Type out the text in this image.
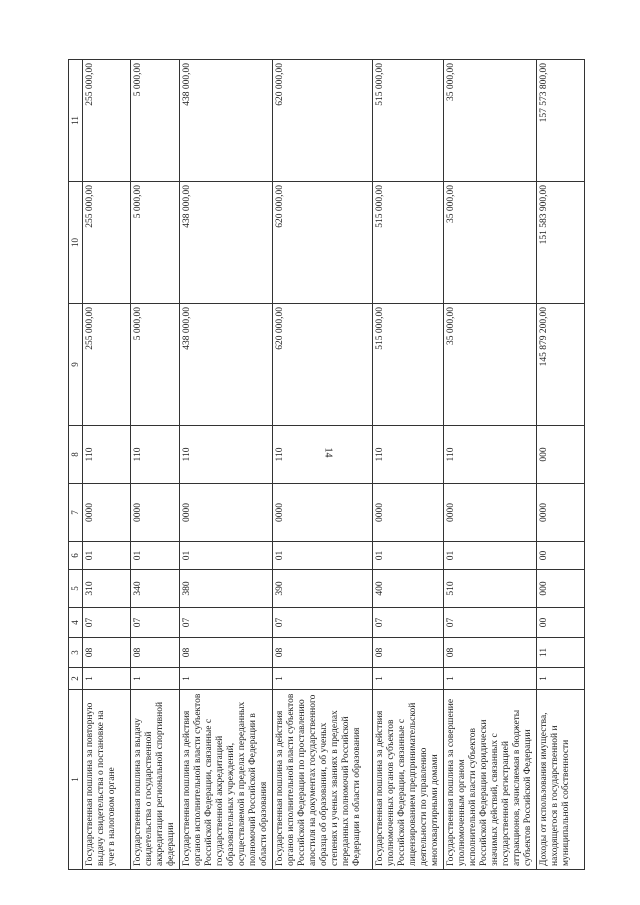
14
1	2	3	4	5	6	7	8	9	10	11
Государственная пошлина за повторную выдачу свидетельства о постановке на учет в налоговом органе	1	08	07	310	01	0000	110	255 000,00	255 000,00	255 000,00
Государственная пошлина за выдачу свидетельства о государственной аккредитации региональной спортивной федерации	1	08	07	340	01	0000	110	5 000,00	5 000,00	5 000,00
Государственная пошлина за действия органов исполнительной власти субъектов Российской Федерации, связанные с государственной аккредитацией образовательных учреждений, осуществляемой в пределах переданных полномочий Российской Федерации в области образования	1	08	07	380	01	0000	110	438 000,00	438 000,00	438 000,00
Государственная пошлина за действия органов исполнительной власти субъектов Российской Федерации по проставлению апостиля на документах государственного образца об образовании, об ученых степенях и ученых званиях в пределах переданных полномочий Российской Федерации в области образования	1	08	07	390	01	0000	110	620 000,00	620 000,00	620 000,00
Государственная пошлина за действия уполномоченных органов субъектов Российской Федерации, связанные с лицензированием предпринимательской деятельности по управлению многоквартирными домами	1	08	07	400	01	0000	110	515 000,00	515 000,00	515 000,00
Государственная пошлина за совершение уполномоченным органом исполнительной власти субъектов Российской Федерации юридически значимых действий, связанных с государственной регистрацией аттракционов, зачисляемая в бюджеты субъектов Российской Федерации	1	08	07	510	01	0000	110	35 000,00	35 000,00	35 000,00
Доходы от использования имущества, находящегося в государственной и муниципальной собственности	1	11	00	000	00	0000	000	145 879 200,00	151 583 900,00	157 573 800,00
